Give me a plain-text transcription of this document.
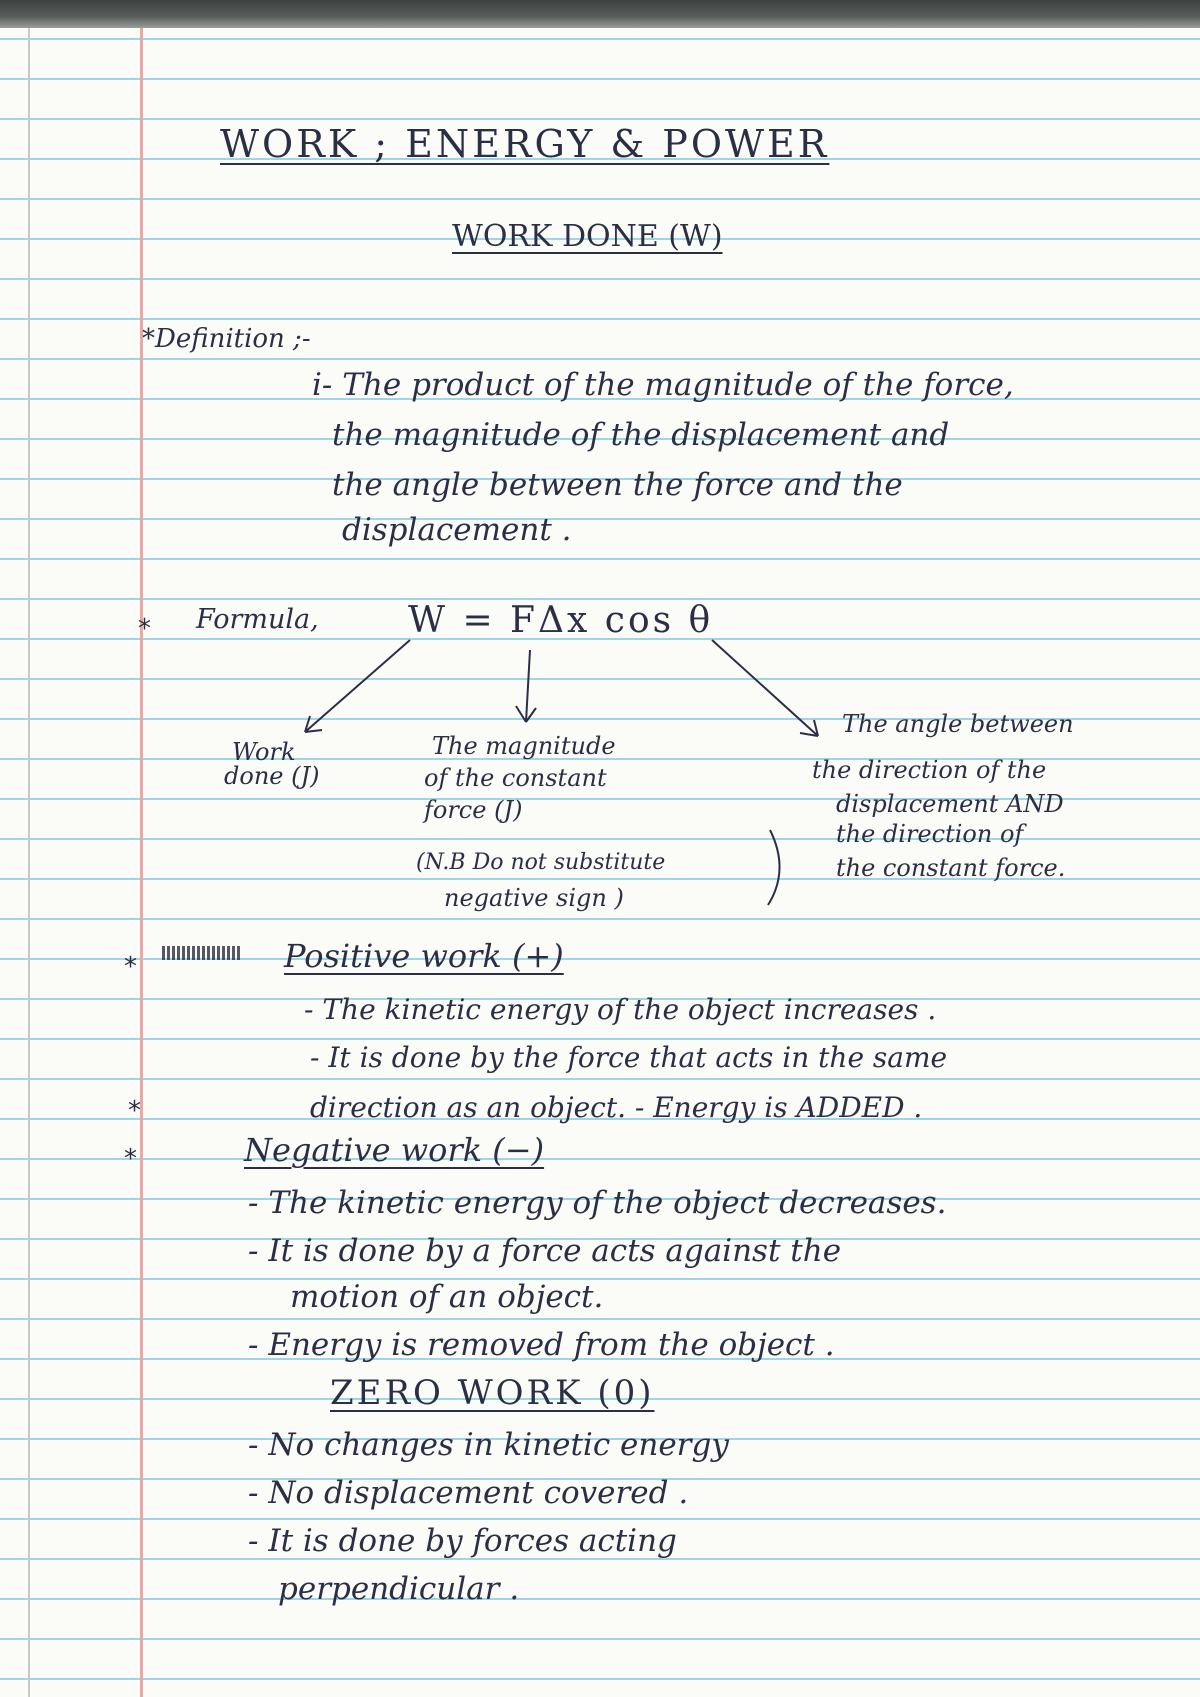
WORK ; ENERGY & POWER
WORK DONE (W)
*Definition ;-
i- The product of the magnitude of the force,
the magnitude of the displacement and
the angle between the force and the
displacement .
* Formula, W = FΔx cos θ
Work
done (J)
The magnitude
of the constant
force (J)
(N.B Do not substitute
negative sign )
The angle between
the direction of the
displacement AND
the direction of
the constant force.
*	Positive work (+)
- The kinetic energy of the object increases .
- It is done by the force that acts in the same
*	direction as an object. - Energy is ADDED .
*	Negative work (−)
- The kinetic energy of the object decreases.
- It is done by a force acts against the
motion of an object.
- Energy is removed from the object .
ZERO WORK (0)
- No changes in kinetic energy
- No displacement covered .
- It is done by forces acting
perpendicular .
